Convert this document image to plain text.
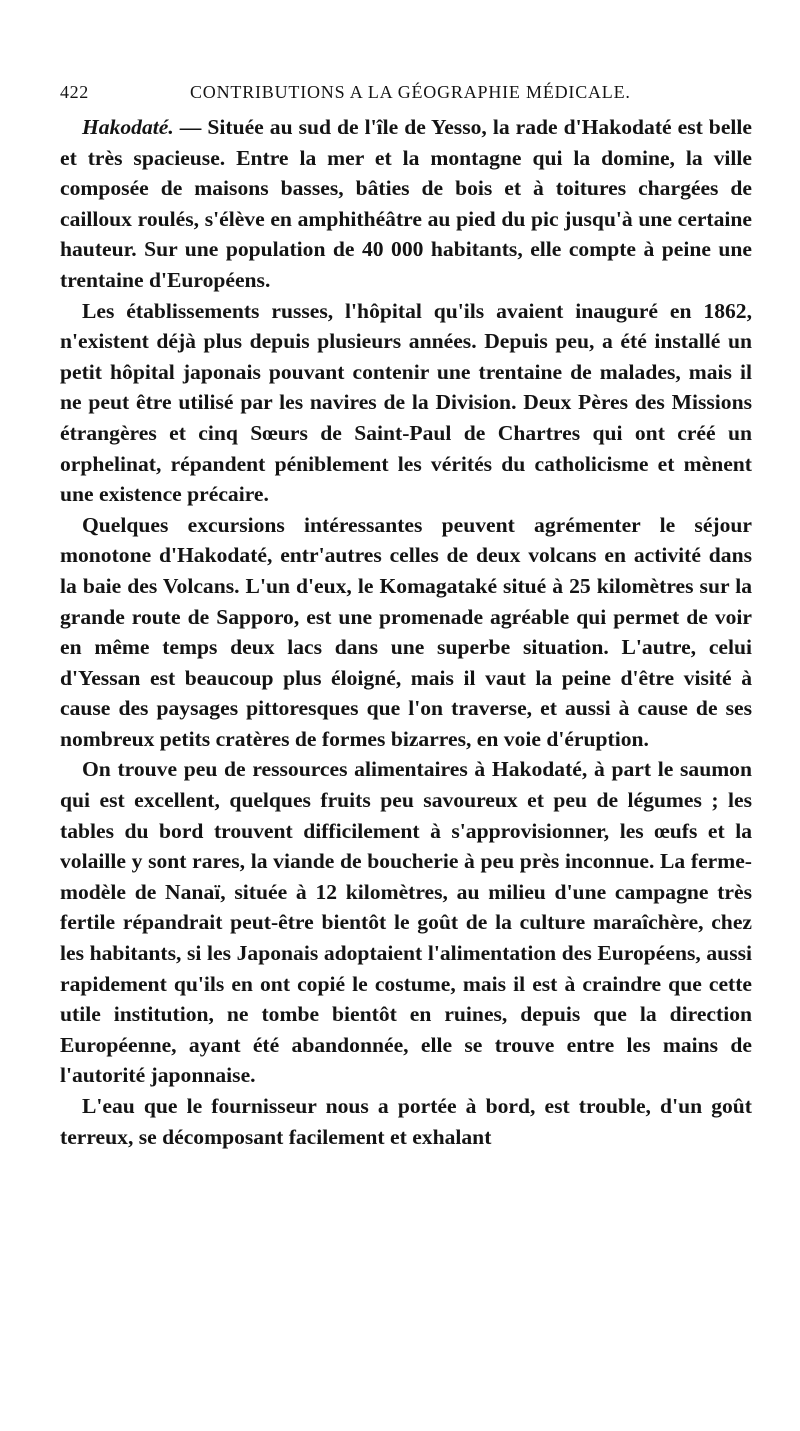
422	CONTRIBUTIONS A LA GÉOGRAPHIE MÉDICALE.

Hakodaté. — Située au sud de l'île de Yesso, la rade d'Hakodaté est belle et très spacieuse. Entre la mer et la montagne qui la domine, la ville composée de maisons basses, bâties de bois et à toitures chargées de cailloux roulés, s'élève en amphithéâtre au pied du pic jusqu'à une certaine hauteur. Sur une population de 40 000 habitants, elle compte à peine une trentaine d'Européens.

Les établissements russes, l'hôpital qu'ils avaient inauguré en 1862, n'existent déjà plus depuis plusieurs années. Depuis peu, a été installé un petit hôpital japonais pouvant contenir une trentaine de malades, mais il ne peut être utilisé par les navires de la Division. Deux Pères des Missions étrangères et cinq Sœurs de Saint-Paul de Chartres qui ont créé un orphelinat, répandent péniblement les vérités du catholicisme et mènent une existence précaire.

Quelques excursions intéressantes peuvent agrémenter le séjour monotone d'Hakodaté, entr'autres celles de deux volcans en activité dans la baie des Volcans. L'un d'eux, le Komagataké situé à 25 kilomètres sur la grande route de Sapporo, est une promenade agréable qui permet de voir en même temps deux lacs dans une superbe situation. L'autre, celui d'Yessan est beaucoup plus éloigné, mais il vaut la peine d'être visité à cause des paysages pittoresques que l'on traverse, et aussi à cause de ses nombreux petits cratères de formes bizarres, en voie d'éruption.

On trouve peu de ressources alimentaires à Hakodaté, à part le saumon qui est excellent, quelques fruits peu savoureux et peu de légumes ; les tables du bord trouvent difficilement à s'approvisionner, les œufs et la volaille y sont rares, la viande de boucherie à peu près inconnue. La ferme-modèle de Nanaï, située à 12 kilomètres, au milieu d'une campagne très fertile répandrait peut-être bientôt le goût de la culture maraîchère, chez les habitants, si les Japonais adoptaient l'alimentation des Européens, aussi rapidement qu'ils en ont copié le costume, mais il est à craindre que cette utile institution, ne tombe bientôt en ruines, depuis que la direction Européenne, ayant été abandonnée, elle se trouve entre les mains de l'autorité japonnaise.

L'eau que le fournisseur nous a portée à bord, est trouble, d'un goût terreux, se décomposant facilement et exhalant
